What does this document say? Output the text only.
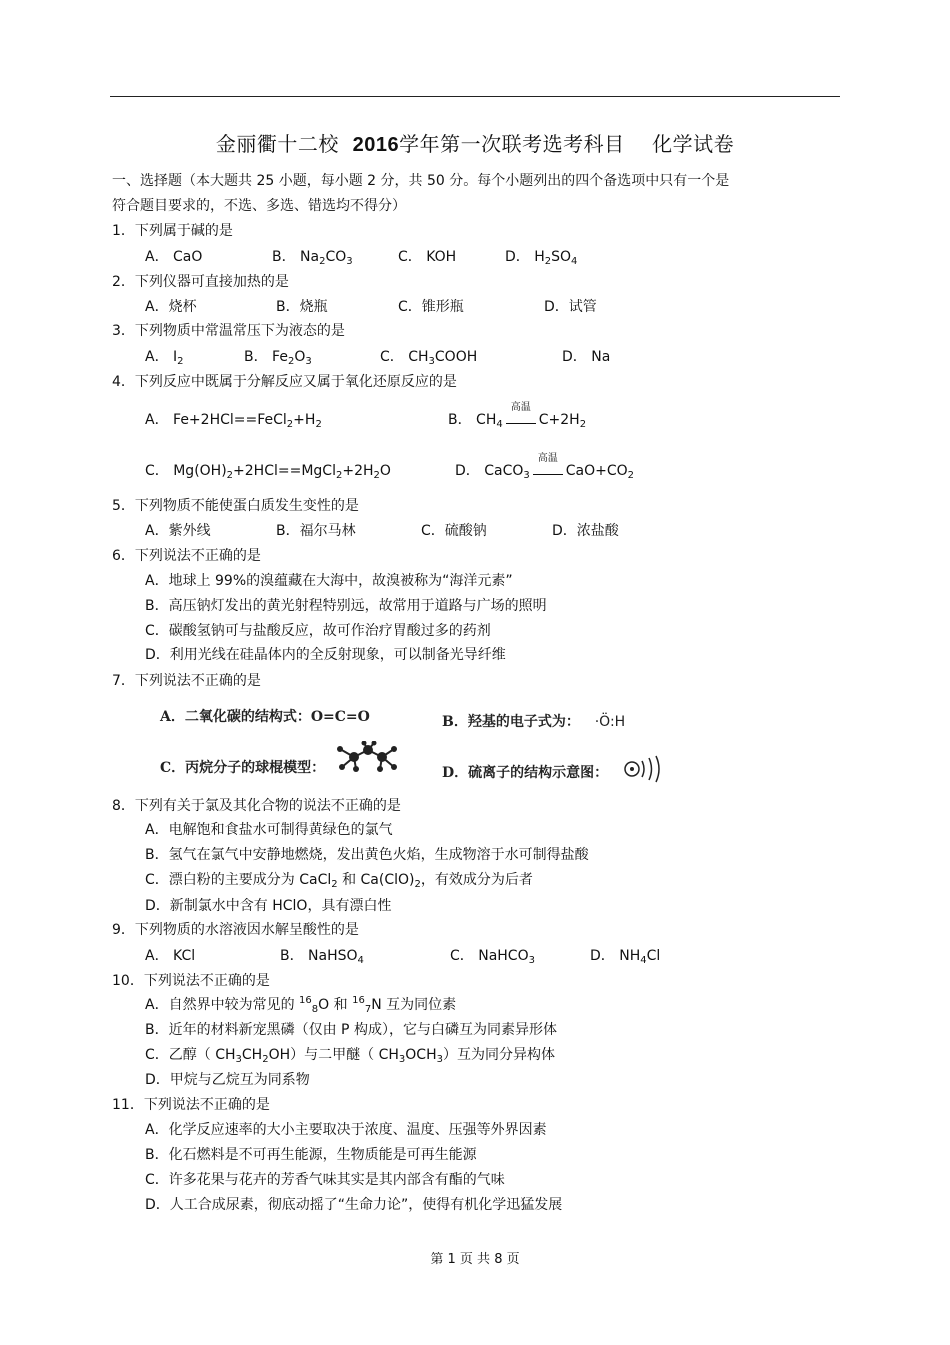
金丽衢十二校 2016学年第一次联考选考科目 化学试卷
一、选择题（本大题共 25 小题，每小题 2 分，共 50 分。每个小题列出的四个备选项中只有一个是
符合题目要求的，不选、多选、错选均不得分）
1．下列属于碱的是
A． CaO	B． $Na_2CO_3$	C． KOH	D． $H_2SO_4$
2．下列仪器可直接加热的是
A．烧杯	B．烧瓶	C．锥形瓶	D．试管
3．下列物质中常温常压下为液态的是
A． $I_2$	B． $Fe_2O_3$	C． $CH_3COOH$	D． Na
4．下列反应中既属于分解反应又属于氧化还原反应的是
A． $Fe+2HCl==FeCl_2+H_2$	B． $CH_4$
高温
$C+2H_2$
C． $Mg(OH)_2+2HCl==MgCl_2+2H_2O$	D． CaCO$_3$
高温
$CaO+CO_2$
5．下列物质不能使蛋白质发生变性的是
A．紫外线	B．福尔马林	C．硫酸钠	D．浓盐酸
6．下列说法不正确的是
A．地球上 99%的溴蕴藏在大海中，故溴被称为“海洋元素”
B．高压钠灯发出的黄光射程特别远，故常用于道路与广场的照明
C．碳酸氢钠可与盐酸反应，故可作治疗胃酸过多的药剂
D．利用光线在硅晶体内的全反射现象，可以制备光导纤维
7．下列说法不正确的是
A．二氧化碳的结构式：O=C=O	B．羟基的电子式为： ·Ö:H
C．丙烷分子的球棍模型：	D．硫离子的结构示意图：
8．下列有关于氯及其化合物的说法不正确的是
A．电解饱和食盐水可制得黄绿色的氯气
B．氢气在氯气中安静地燃烧，发出黄色火焰，生成物溶于水可制得盐酸
C．漂白粉的主要成分为 CaCl$_2$ 和 $Ca(ClO)_2$，有效成分为后者
D．新制氯水中含有 HClO，具有漂白性
9．下列物质的水溶液因水解呈酸性的是
A． KCl	B． NaHSO$_4$	C． NaHCO$_3$	D． $NH_4Cl$
10．下列说法不正确的是
A．自然界中较为常见的 $^{16}_8$O 和 $^{16}_7$N 互为同位素
B．近年的材料新宠黑磷（仅由 P 构成），它与白磷互为同素异形体
C．乙醇（ $CH_3CH_2OH$）与二甲醚（ $CH_3OCH_3$）互为同分异构体
D．甲烷与乙烷互为同系物
11．下列说法不正确的是
A．化学反应速率的大小主要取决于浓度、温度、压强等外界因素
B．化石燃料是不可再生能源，生物质能是可再生能源
C．许多花果与花卉的芳香气味其实是其内部含有酯的气味
D．人工合成尿素，彻底动摇了“生命力论”，使得有机化学迅猛发展
第 1 页 共 8 页
